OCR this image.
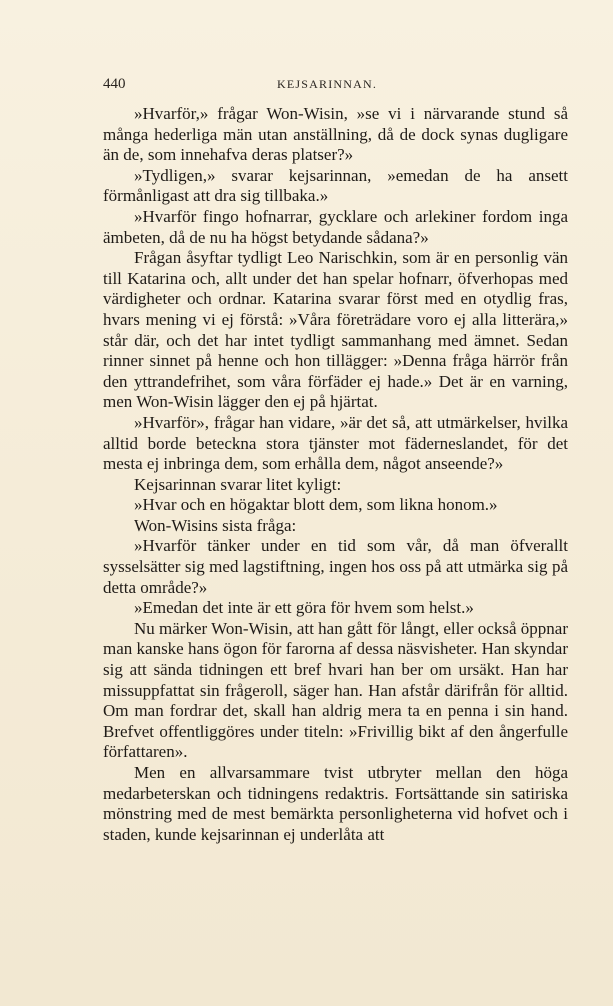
440	KEJSARINNAN.

»Hvarför,» frågar Won-Wisin, »se vi i närvarande stund så många hederliga män utan anställning, då de dock synas dugligare än de, som innehafva deras platser?»

»Tydligen,» svarar kejsarinnan, »emedan de ha ansett förmånligast att dra sig tillbaka.»

»Hvarför fingo hofnarrar, gycklare och arlekiner fordom inga ämbeten, då de nu ha högst betydande sådana?»

Frågan åsyftar tydligt Leo Narischkin, som är en personlig vän till Katarina och, allt under det han spelar hofnarr, öfverhopas med värdigheter och ordnar. Katarina svarar först med en otydlig fras, hvars mening vi ej förstå: »Våra företrädare voro ej alla litterära,» står där, och det har intet tydligt sammanhang med ämnet. Sedan rinner sinnet på henne och hon tillägger: »Denna fråga härrör från den yttrandefrihet, som våra förfäder ej hade.» Det är en varning, men Won-Wisin lägger den ej på hjärtat.

»Hvarför», frågar han vidare, »är det så, att utmärkelser, hvilka alltid borde beteckna stora tjänster mot fäderneslandet, för det mesta ej inbringa dem, som erhålla dem, något anseende?»

Kejsarinnan svarar litet kyligt:

»Hvar och en högaktar blott dem, som likna honom.»

Won-Wisins sista fråga:

»Hvarför tänker under en tid som vår, då man öfverallt sysselsätter sig med lagstiftning, ingen hos oss på att utmärka sig på detta område?»

»Emedan det inte är ett göra för hvem som helst.»

Nu märker Won-Wisin, att han gått för långt, eller också öppnar man kanske hans ögon för farorna af dessa näsvisheter. Han skyndar sig att sända tidningen ett bref hvari han ber om ursäkt. Han har missuppfattat sin frågeroll, säger han. Han afstår därifrån för alltid. Om man fordrar det, skall han aldrig mera ta en penna i sin hand. Brefvet offentliggöres under titeln: »Frivillig bikt af den ångerfulle författaren».

Men en allvarsammare tvist utbryter mellan den höga medarbeterskan och tidningens redaktris. Fortsättande sin satiriska mönstring med de mest bemärkta personligheterna vid hofvet och i staden, kunde kejsarinnan ej underlåta att
